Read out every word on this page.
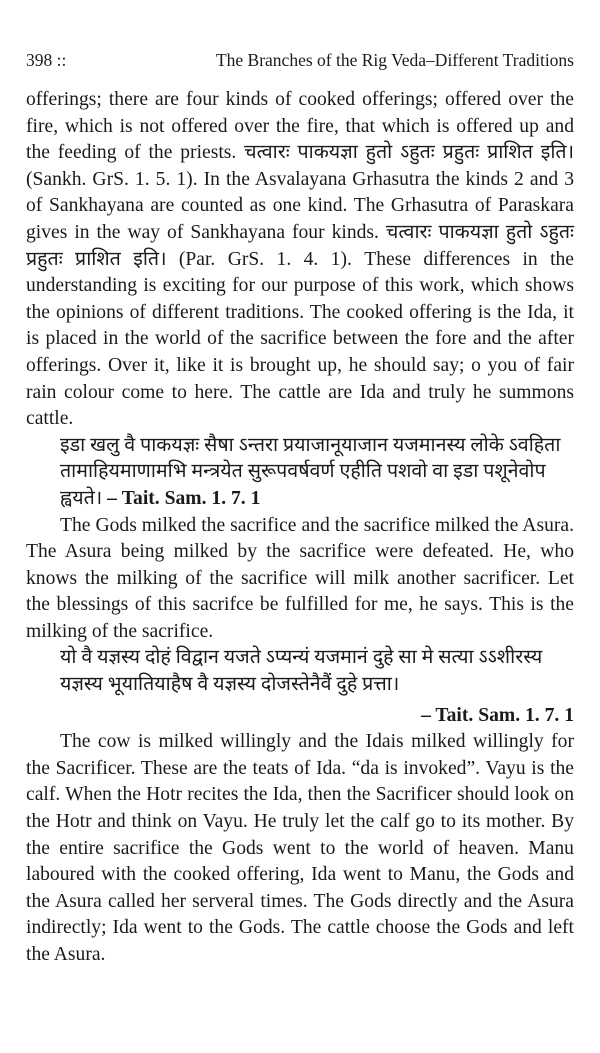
398 ::	The Branches of the Rig Veda–Different Traditions

offerings; there are four kinds of cooked offerings; offered over the fire, which is not offered over the fire, that which is offered up and the feeding of the priests. चत्वारः पाकयज्ञा हुतो ऽहुतः प्रहुतः प्राशित इति। (Sankh. GrS. 1. 5. 1). In the Asvalayana Grhasutra the kinds 2 and 3 of Sankhayana are counted as one kind. The Grhasutra of Paraskara gives in the way of Sankhayana four kinds. चत्वारः पाकयज्ञा हुतो ऽहुतः प्रहुतः प्राशित इति। (Par. GrS. 1. 4. 1). These differences in the understanding is exciting for our purpose of this work, which shows the opinions of different traditions. The cooked offering is the Ida, it is placed in the world of the sacrifice between the fore and the after offerings. Over it, like it is brought up, he should say; o you of fair rain colour come to here. The cattle are Ida and truly he summons cattle.

इडा खलु वै पाकयज्ञः सैषा ऽन्तरा प्रयाजानूयाजान यजमानस्य लोके ऽवहिता
तामाहियमाणामभि मन्त्रयेत सुरूपवर्षवर्ण एहीति पशवो वा इडा पशूनेवोप
ह्वयते। – Tait. Sam. 1. 7. 1

The Gods milked the sacrifice and the sacrifice milked the Asura. The Asura being milked by the sacrifice were defeated. He, who knows the milking of the sacrifice will milk another sacrificer. Let the blessings of this sacrifce be fulfilled for me, he says. This is the milking of the sacrifice.

यो वै यज्ञस्य दोहं विद्वान यजते ऽप्यन्यं यजमानं दुहे सा मे सत्या ऽऽशीरस्य
यज्ञस्य भूयातियाहैष वै यज्ञस्य दोजस्तेनैवैं दुहे प्रत्ता।
– Tait. Sam. 1. 7. 1

The cow is milked willingly and the Idais milked willingly for the Sacrificer. These are the teats of Ida. “da is invoked”. Vayu is the calf. When the Hotr recites the Ida, then the Sacrificer should look on the Hotr and think on Vayu. He truly let the calf go to its mother. By the entire sacrifice the Gods went to the world of heaven. Manu laboured with the cooked offering, Ida went to Manu, the Gods and the Asura called her serveral times. The Gods directly and the Asura indirectly; Ida went to the Gods. The cattle choose the Gods and left the Asura.
